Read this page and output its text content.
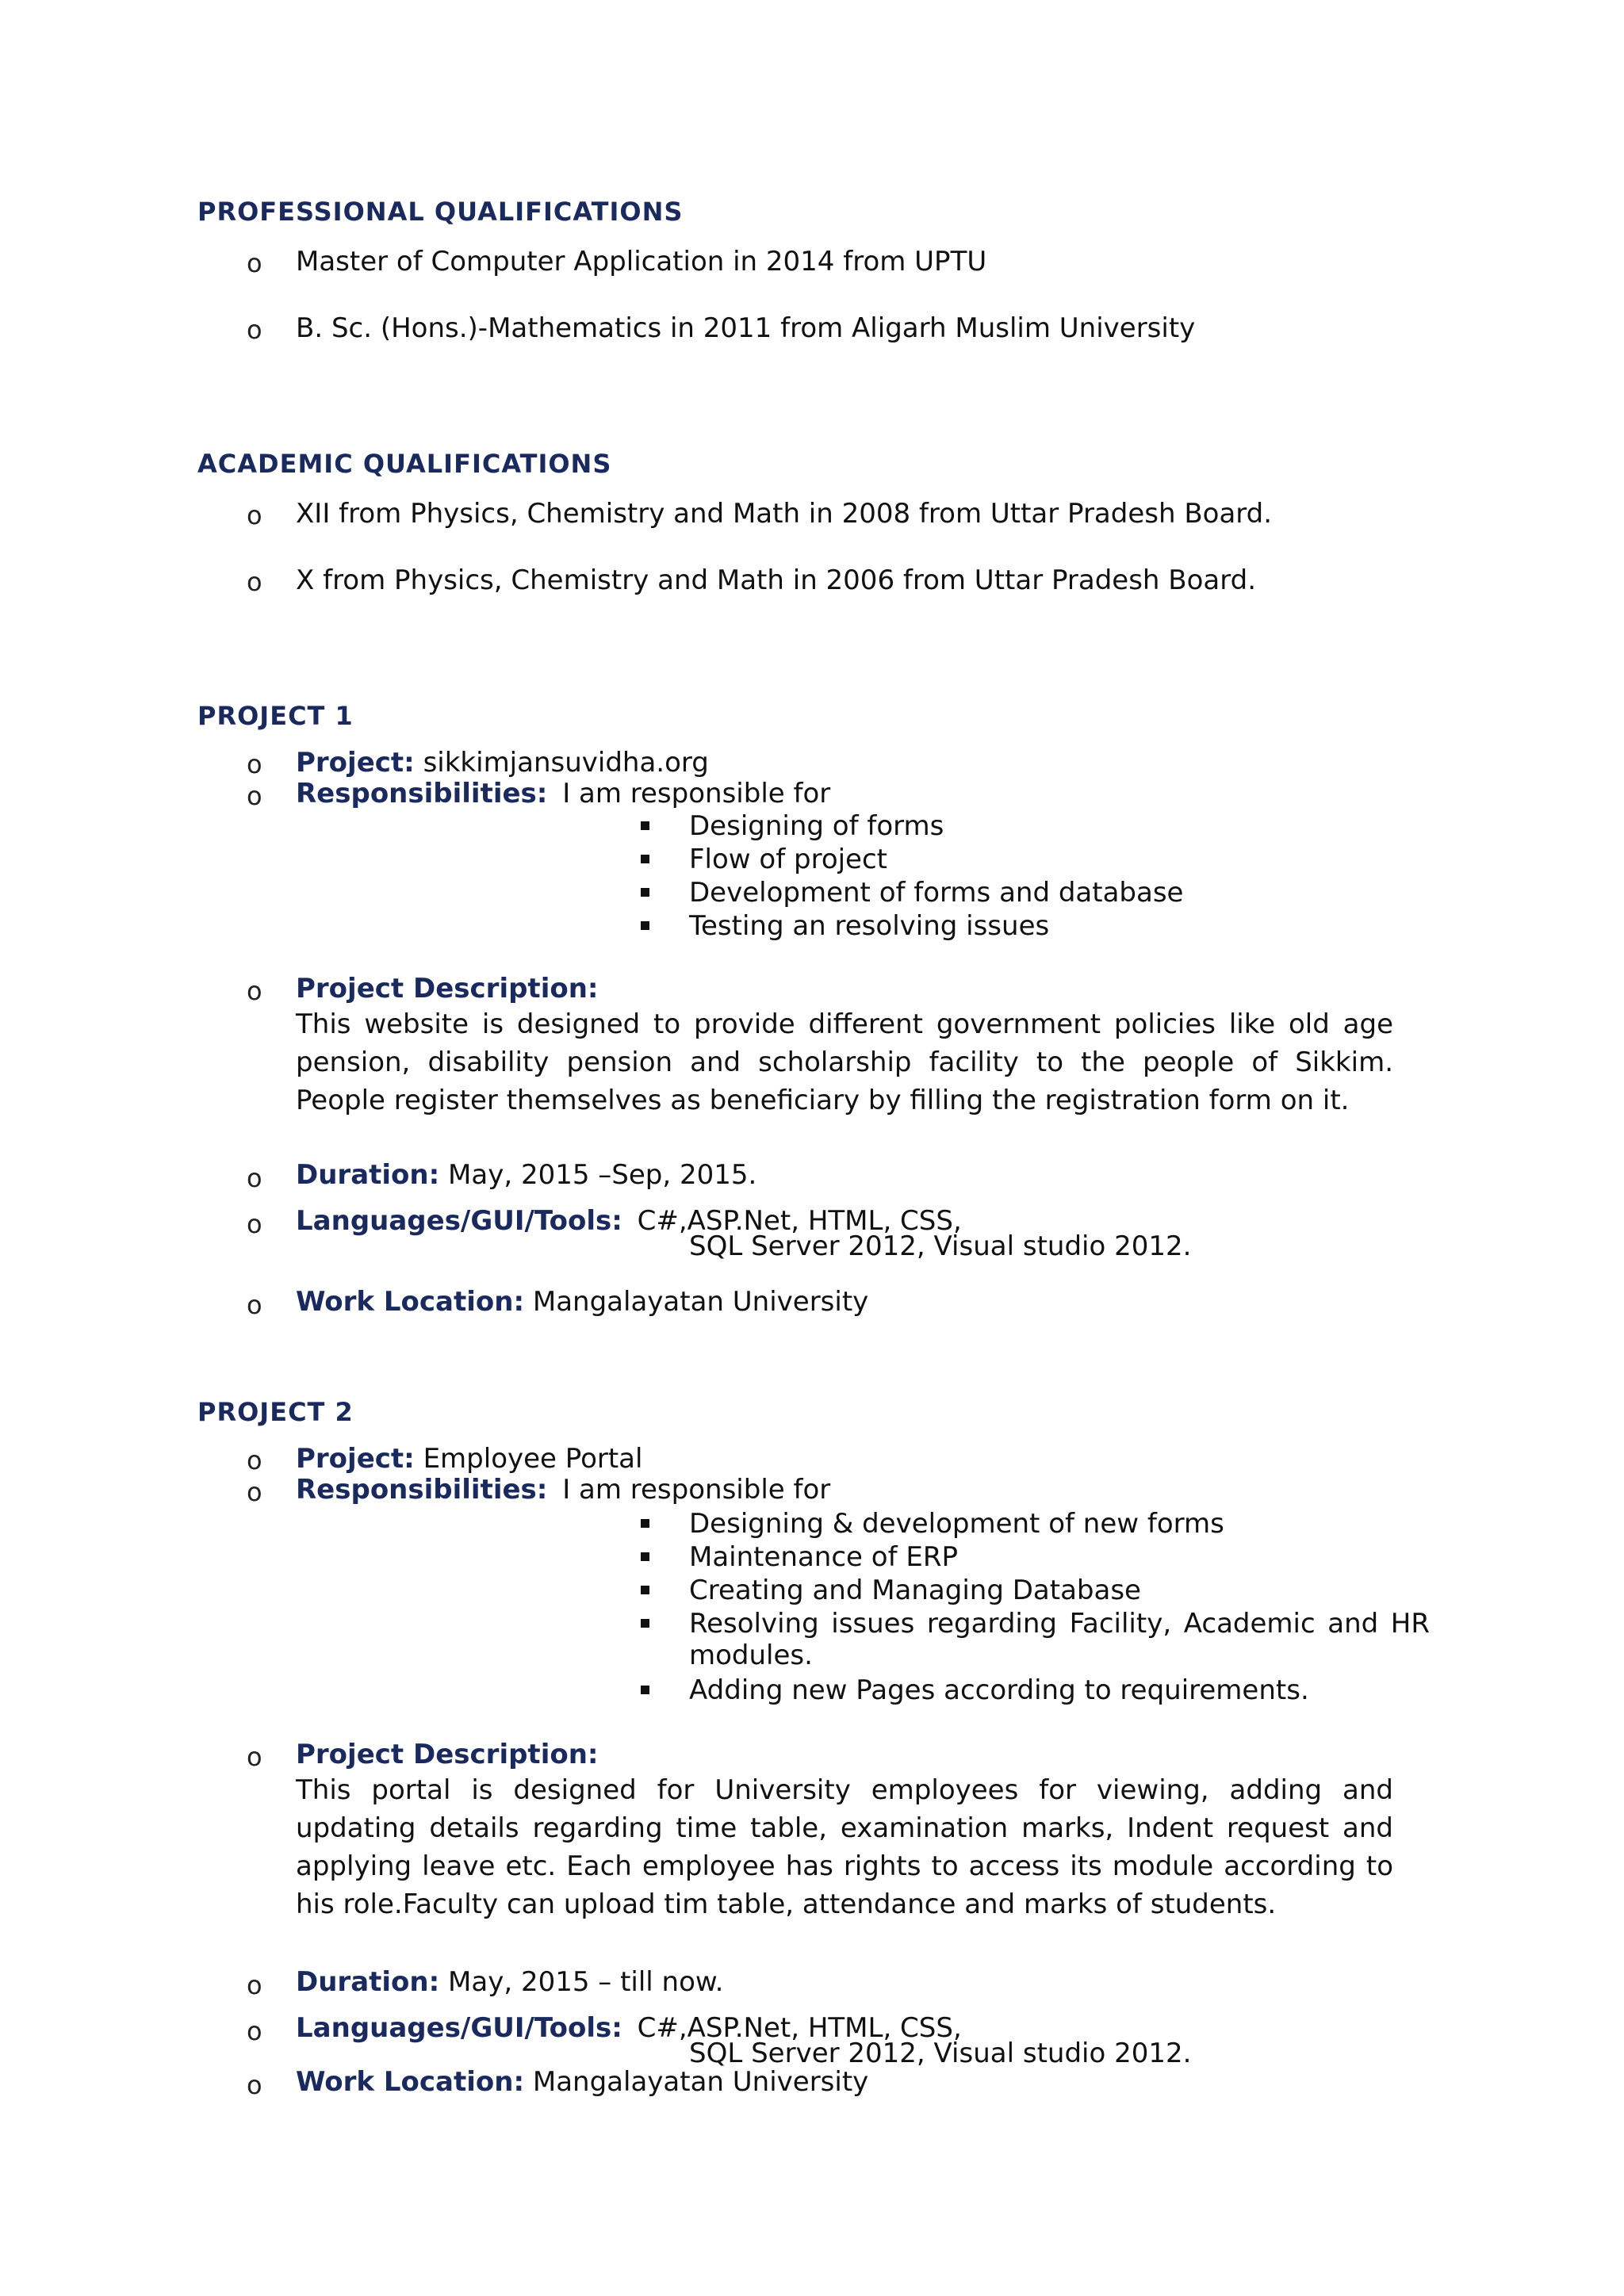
PROFESSIONAL QUALIFICATIONS
o Master of Computer Application in 2014 from UPTU
o B. Sc. (Hons.)-Mathematics in 2011 from Aligarh Muslim University
ACADEMIC QUALIFICATIONS
o XII from Physics, Chemistry and Math in 2008 from Uttar Pradesh Board.
o X from Physics, Chemistry and Math in 2006 from Uttar Pradesh Board.
PROJECT 1
o Project: sikkimjansuvidha.org
o Responsibilities: I am responsible for
Designing of forms
Flow of project
Development of forms and database
Testing an resolving issues
o Project Description:
This website is designed to provide different government policies like old age pension, disability pension and scholarship facility to the people of Sikkim. People register themselves as beneficiary by filling the registration form on it.
o Duration: May, 2015 –Sep, 2015.
o Languages/GUI/Tools: C#,ASP.Net, HTML, CSS,
SQL Server 2012, Visual studio 2012.
o Work Location: Mangalayatan University
PROJECT 2
o Project: Employee Portal
o Responsibilities: I am responsible for
Designing & development of new forms
Maintenance of ERP
Creating and Managing Database
Resolving issues regarding Facility, Academic and HR
modules.
Adding new Pages according to requirements.
o Project Description:
This portal is designed for University employees for viewing, adding and updating details regarding time table, examination marks, Indent request and applying leave etc. Each employee has rights to access its module according to his role.Faculty can upload tim table, attendance and marks of students.
o Duration: May, 2015 – till now.
o Languages/GUI/Tools: C#,ASP.Net, HTML, CSS,
SQL Server 2012, Visual studio 2012.
o Work Location: Mangalayatan University
